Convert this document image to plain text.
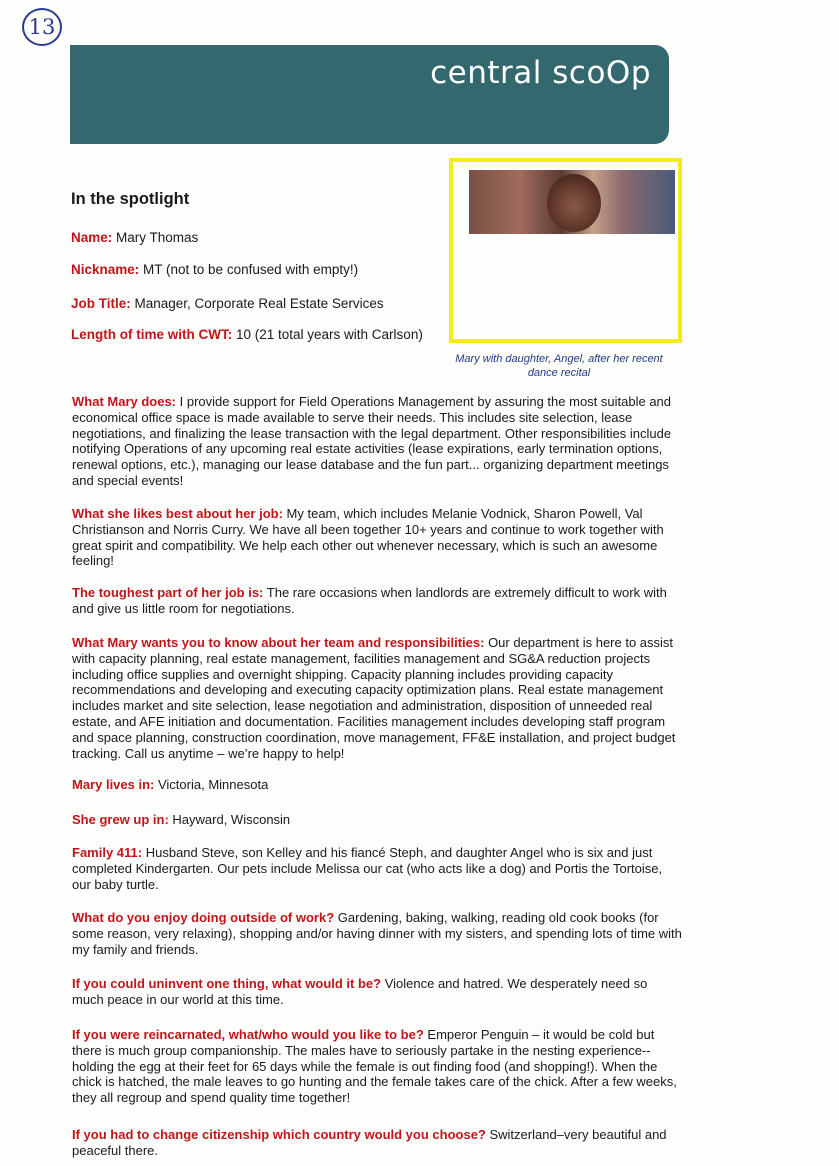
13
central scoOp
In the spotlight
Name: Mary Thomas
Nickname: MT (not to be confused with empty!)
Job Title: Manager, Corporate Real Estate Services
Length of time with CWT: 10 (21 total years with Carlson)
Mary with daughter, Angel, after her recent dance recital
What Mary does: I provide support for Field Operations Management by assuring the most suitable and economical office space is made available to serve their needs. This includes site selection, lease negotiations, and finalizing the lease transaction with the legal department. Other responsibilities include notifying Operations of any upcoming real estate activities (lease expirations, early termination options, renewal options, etc.), managing our lease database and the fun part... organizing department meetings and special events!
What she likes best about her job: My team, which includes Melanie Vodnick, Sharon Powell, Val Christianson and Norris Curry. We have all been together 10+ years and continue to work together with great spirit and compatibility. We help each other out whenever necessary, which is such an awesome feeling!
The toughest part of her job is: The rare occasions when landlords are extremely difficult to work with and give us little room for negotiations.
What Mary wants you to know about her team and responsibilities: Our department is here to assist with capacity planning, real estate management, facilities management and SG&A reduction projects including office supplies and overnight shipping. Capacity planning includes providing capacity recommendations and developing and executing capacity optimization plans. Real estate management includes market and site selection, lease negotiation and administration, disposition of unneeded real estate, and AFE initiation and documentation. Facilities management includes developing staff program and space planning, construction coordination, move management, FF&E installation, and project budget tracking. Call us anytime – we’re happy to help!
Mary lives in: Victoria, Minnesota
She grew up in: Hayward, Wisconsin
Family 411: Husband Steve, son Kelley and his fiancé Steph, and daughter Angel who is six and just completed Kindergarten. Our pets include Melissa our cat (who acts like a dog) and Portis the Tortoise, our baby turtle.
What do you enjoy doing outside of work? Gardening, baking, walking, reading old cook books (for some reason, very relaxing), shopping and/or having dinner with my sisters, and spending lots of time with my family and friends.
If you could uninvent one thing, what would it be? Violence and hatred. We desperately need so much peace in our world at this time.
If you were reincarnated, what/who would you like to be? Emperor Penguin – it would be cold but there is much group companionship. The males have to seriously partake in the nesting experience--holding the egg at their feet for 65 days while the female is out finding food (and shopping!). When the chick is hatched, the male leaves to go hunting and the female takes care of the chick. After a few weeks, they all regroup and spend quality time together!
If you had to change citizenship which country would you choose? Switzerland–very beautiful and peaceful there.
